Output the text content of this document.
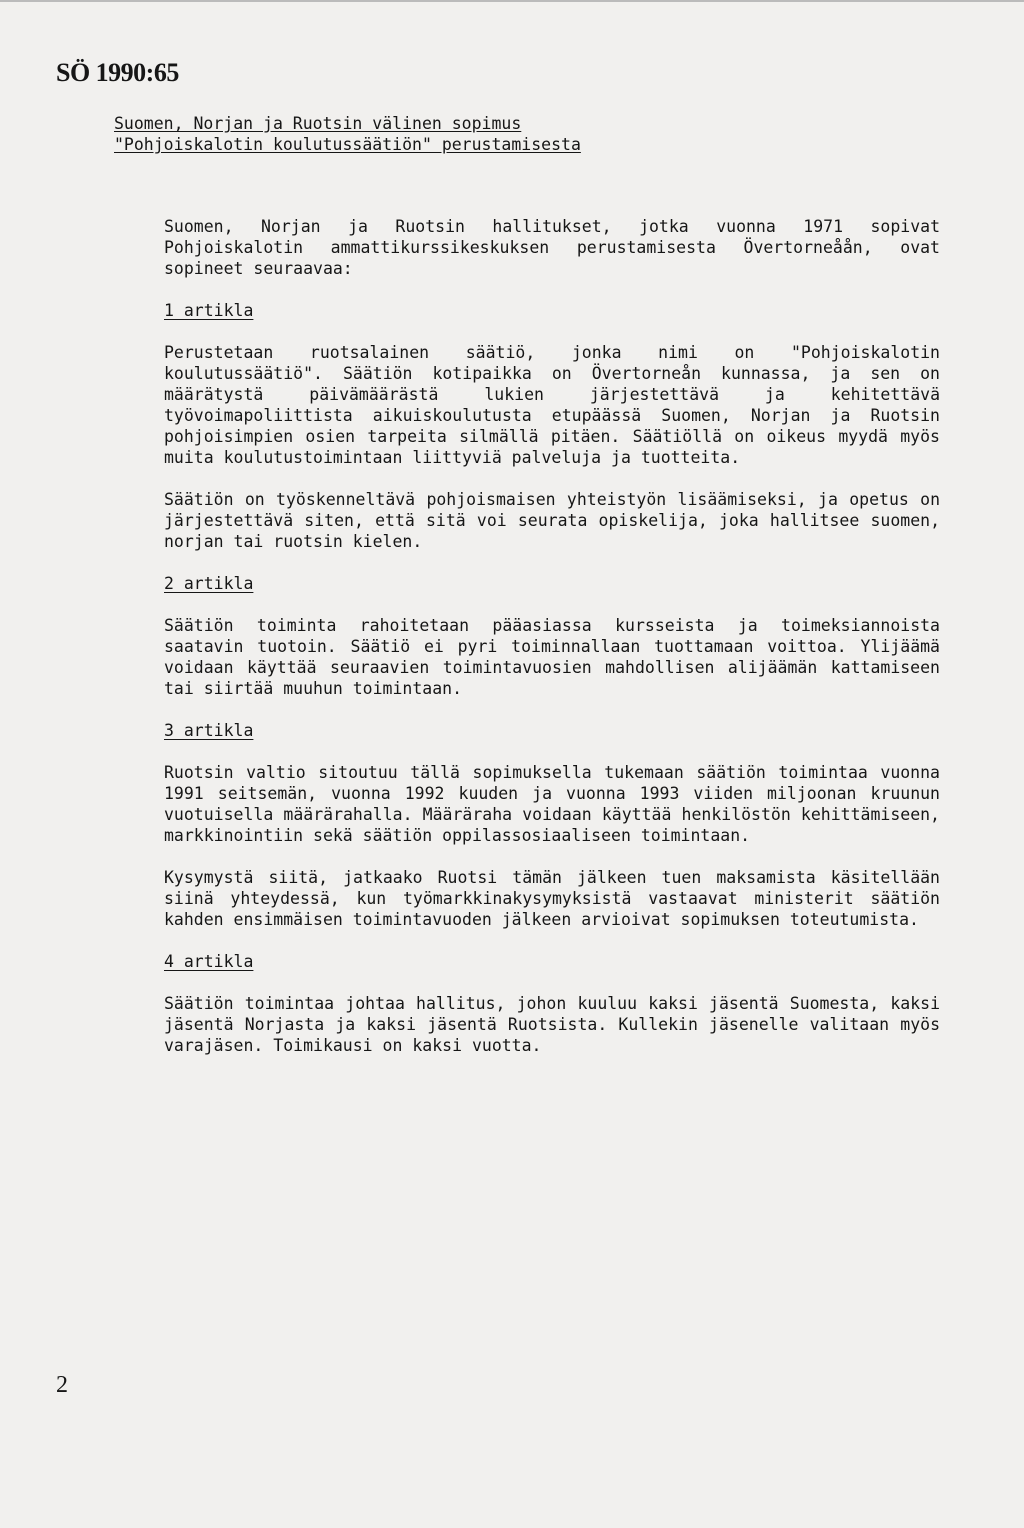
SÖ 1990:65
Suomen, Norjan ja Ruotsin välinen sopimus
"Pohjoiskalotin koulutussäätiön" perustamisesta

Suomen, Norjan ja Ruotsin hallitukset, jotka vuonna 1971 sopivat Pohjoiskalotin ammattikurssikeskuksen perustamisesta Övertorneåån, ovat sopineet seuraavaa:

1 artikla

Perustetaan ruotsalainen säätiö, jonka nimi on "Pohjoiskalotin koulutussäätiö". Säätiön kotipaikka on Övertorneån kunnassa, ja sen on määrätystä päivämäärästä lukien järjestettävä ja kehitettävä työvoimapoliittista aikuiskoulutusta etupäässä Suomen, Norjan ja Ruotsin pohjoisimpien osien tarpeita silmällä pitäen. Säätiöllä on oikeus myydä myös muita koulutustoimintaan liittyviä palveluja ja tuotteita.

Säätiön on työskenneltävä pohjoismaisen yhteistyön lisäämiseksi, ja opetus on järjestettävä siten, että sitä voi seurata opiskelija, joka hallitsee suomen, norjan tai ruotsin kielen.

2 artikla

Säätiön toiminta rahoitetaan pääasiassa kursseista ja toimeksiannoista saatavin tuotoin. Säätiö ei pyri toiminnallaan tuottamaan voittoa. Ylijäämä voidaan käyttää seuraavien toimintavuosien mahdollisen alijäämän kattamiseen tai siirtää muuhun toimintaan.

3 artikla

Ruotsin valtio sitoutuu tällä sopimuksella tukemaan säätiön toimintaa vuonna 1991 seitsemän, vuonna 1992 kuuden ja vuonna 1993 viiden miljoonan kruunun vuotuisella määrärahalla. Määräraha voidaan käyttää henkilöstön kehittämiseen, markkinointiin sekä säätiön oppilassosiaaliseen toimintaan.

Kysymystä siitä, jatkaako Ruotsi tämän jälkeen tuen maksamista käsitellään siinä yhteydessä, kun työmarkkinakysymyksistä vastaavat ministerit säätiön kahden ensimmäisen toimintavuoden jälkeen arvioivat sopimuksen toteutumista.

4 artikla

Säätiön toimintaa johtaa hallitus, johon kuuluu kaksi jäsentä Suomesta, kaksi jäsentä Norjasta ja kaksi jäsentä Ruotsista. Kullekin jäsenelle valitaan myös varajäsen. Toimikausi on kaksi vuotta.

2
